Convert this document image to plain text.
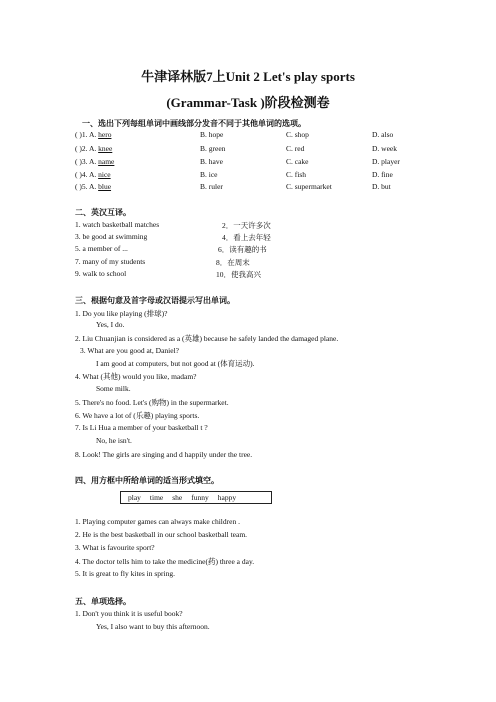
牛津译林版7上Unit 2 Let's play sports
(Grammar-Task )阶段检测卷
一、选出下列每组单词中画线部分发音不同于其他单词的选项。
( )1. A. hero	B. hope	C. shop	D. also
( )2. A. knee	B. green	C. red	D. week
( )3. A. name	B. have	C. cake	D. player
( )4. A. nice	B. ice	C. fish	D. fine
( )5. A. blue	B. ruler	C. supermarket	D. but
二、英汉互译。
1. watch basketball matches	2．一天许多次
3. be good at swimming	4．看上去年轻
5. a member of ...	6．读有趣的书
7. many of my students	8．在周末
9. walk to school	10．使我高兴
三、根据句意及首字母或汉语提示写出单词。
1. Do you like playing (排球)?
Yes, I do.
2. Liu Chuanjian is considered as a (英雄) because he safely landed the damaged plane.
3. What are you good at, Daniel?
I am good at computers, but not good at (体育运动).
4. What (其他) would you like, madam?
Some milk.
5. There's no food. Let's (购物) in the supermarket.
6. We have a lot of (乐趣) playing sports.
7. Is Li Hua a member of your basketball t ?
No, he isn't.
8. Look! The girls are singing and d happily under the tree.
四、用方框中所给单词的适当形式填空。
play time she funny happy
1. Playing computer games can always make children .
2. He is the best basketball in our school basketball team.
3. What is favourite sport?
4. The doctor tells him to take the medicine(药) three a day.
5. It is great to fly kites in spring.
五、单项选择。
1. Don't you think it is useful book?
Yes, I also want to buy this afternoon.
